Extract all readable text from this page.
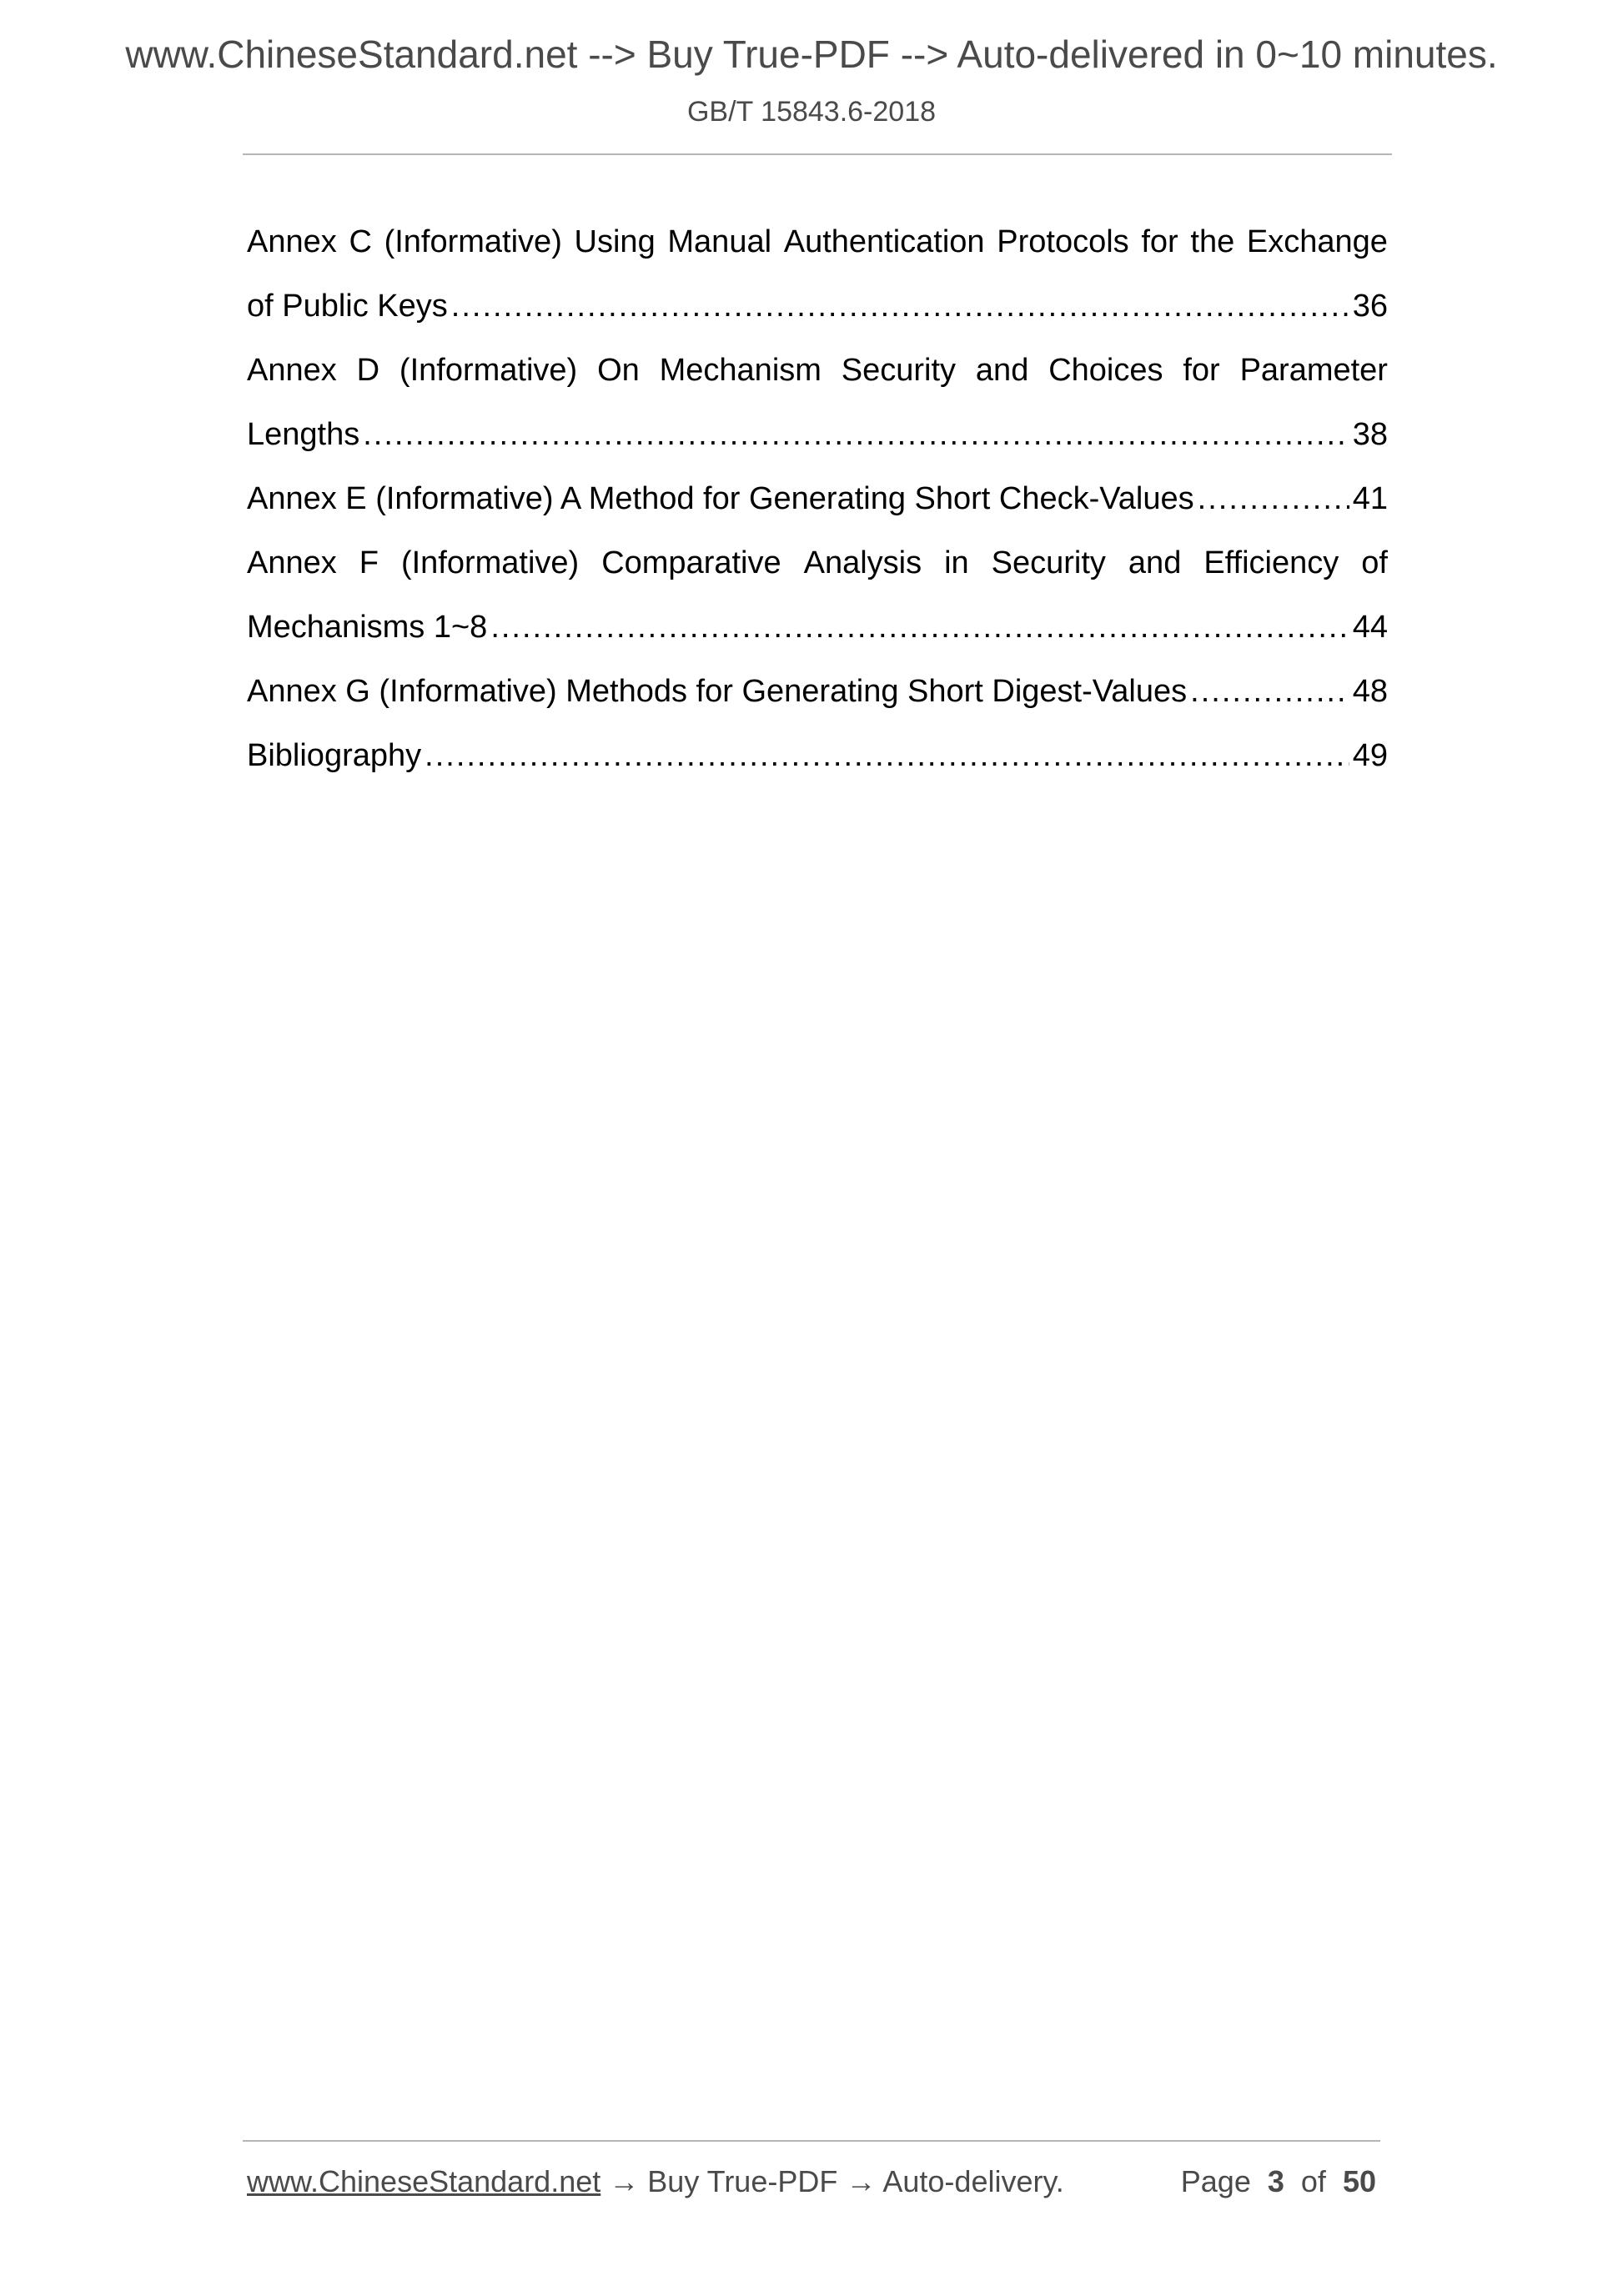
www.ChineseStandard.net --> Buy True-PDF --> Auto-delivered in 0~10 minutes.
GB/T 15843.6-2018
Annex C (Informative) Using Manual Authentication Protocols for the Exchange
of Public Keys .....	36
Annex D (Informative) On Mechanism Security and Choices for Parameter
Lengths .....	38
Annex E (Informative) A Method for Generating Short Check-Values .....	41
Annex F (Informative) Comparative Analysis in Security and Efficiency of
Mechanisms 1~8 .....	44
Annex G (Informative) Methods for Generating Short Digest-Values .....	48
Bibliography .....	49
www.ChineseStandard.net → Buy True-PDF → Auto-delivery.	Page 3 of 50
